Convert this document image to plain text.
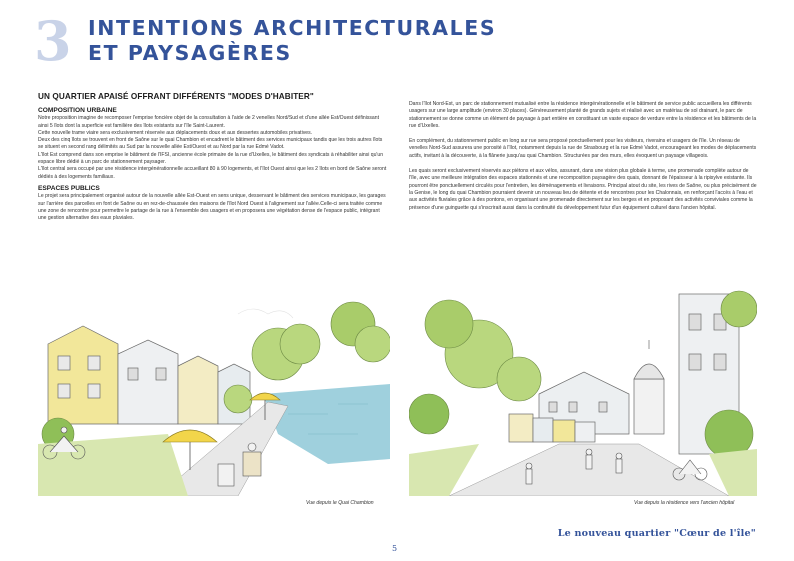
3 INTENTIONS ARCHITECTURALES
ET PAYSAGÈRES
UN QUARTIER APAISÉ OFFRANT DIFFÉRENTS "MODES D'HABITER"
COMPOSITION URBAINE

Notre proposition imagine de recomposer l'emprise foncière objet de la consultation à l'aide de 2 venelles Nord/Sud et d'une allée Est/Ouest définissant ainsi 5 îlots dont la superficie est familière des îlots existants sur l'île Saint-Laurent.

Cette nouvelle trame viaire sera exclusivement réservée aux déplacements doux et aux dessertes automobiles privatives.

Deux des cinq îlots se trouvent en front de Saône sur le quai Chambion et encadrent le bâtiment des services municipaux tandis que les trois autres îlots se situent en second rang délimités au Sud par la nouvelle allée Est/Ouest et au Nord par la rue Edmé Vadot.

L'îlot Est comprend dans son emprise le bâtiment de l'IFSI, ancienne école primaire de la rue d'Uxelles, le bâtiment des syndicats à réhabiliter ainsi qu'un espace libre dédié à un parc de stationnement paysager.

L'îlot central sera occupé par une résidence intergénérationnelle accueillant 80 à 90 logements, et l'îlot Ouest ainsi que les 2 îlots en bord de Saône seront dédiés à des logements familiaux.

ESPACES PUBLICS

Le projet sera principalement organisé autour de la nouvelle allée Est-Ouest en sens unique, desservant le bâtiment des services municipaux, les garages sur l'arrière des parcelles en font de Saône ou en rez-de-chaussée des maisons de l'îlot Nord Ouest à l'alignement sur l'allée.Celle-ci sera traitée comme une zone de rencontre pour permettre le partage de la rue à l'ensemble des usagers et en proposera une végétation dense de l'espace public, intégrant une gestion alternative des eaux pluviales.

Dans l'îlot Nord-Est, un parc de stationnement mutualisé entre la résidence intergénérationnelle et le bâtiment de service public accueillera les différents usagers sur une large amplitude (environ 30 places). Généreusement planté de grands sujets et réalisé avec un matériau de sol drainant, le parc de stationnement se donne comme un élément de paysage à part entière en constituant un vaste espace de verdure entre la résidence et les bâtiments de la rue d'Uxelles.

En complément, du stationnement public en long sur rue sera proposé ponctuellement pour les visiteurs, riverains et usagers de l'île. Un réseau de venelles Nord-Sud assurera une porosité à l'îlot, notamment depuis la rue de Strasbourg et la rue Edmé Vadot, encourageant les modes de déplacements actifs, invitant à la découverte, à la flânerie jusqu'au quai Chambion. Structurées par des murs, elles évoquent un paysage villageois.

Les quais seront exclusivement réservés aux piétons et aux vélos, assurant, dans une vision plus globale à terme, une promenade complète autour de l'île, avec une meilleure intégration des espaces stationnés et une recomposition paysagère des quais, donnant de l'épaisseur à la ripisylve existante. Ils pourront être ponctuellement circulés pour l'entretien, les déménagements et livraisons. Principal atout du site, les rives de Saône, ou plus précisément de la Genise, le long du quai Chambion pourraient devenir un nouveau lieu de détente et de rencontres pour les Chalonnais, en renforçant l'accès à l'eau et aux activités fluviales grâce à des pontons, en organisant une promenade directement sur les berges et en proposant des activités conviviales comme la présence d'une guinguette qui s'inscrirait aussi dans la continuité du développement futur d'un équipement culturel dans l'ancien hôpital.

Vue depuis le Quai Chambion	Vue depuis la résidence vers l'ancien hôpital
Le nouveau quartier "Cœur de l'île"
5
